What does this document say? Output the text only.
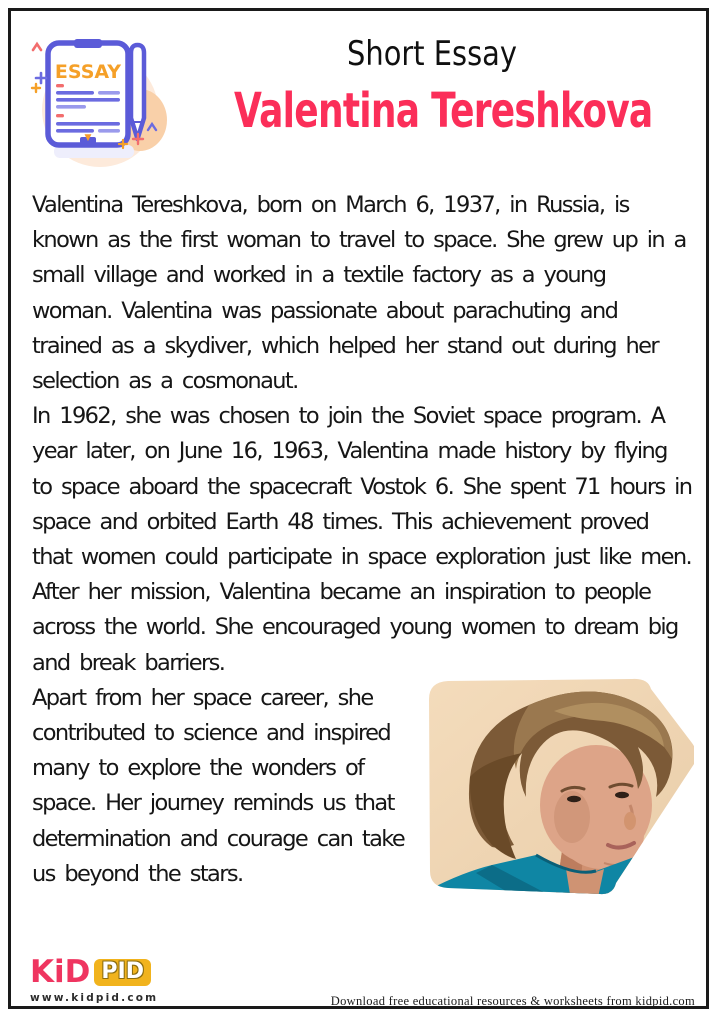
ESSAY
▼
Short Essay
Valentina Tereshkova

Valentina Tereshkova, born on March 6, 1937, in Russia, is known as the first woman to travel to space. She grew up in a small village and worked in a textile factory as a young woman. Valentina was passionate about parachuting and trained as a skydiver, which helped her stand out during her selection as a cosmonaut.

In 1962, she was chosen to join the Soviet space program. A year later, on June 16, 1963, Valentina made history by flying to space aboard the spacecraft Vostok 6. She spent 71 hours in space and orbited Earth 48 times. This achievement proved that women could participate in space exploration just like men.

After her mission, Valentina became an inspiration to people across the world. She encouraged young women to dream big and break barriers.

Apart from her space career, she contributed to science and inspired many to explore the wonders of space. Her journey reminds us that determination and courage can take us beyond the stars.

KiD PID
www.kidpid.com	Download free educational resources & worksheets from kidpid.com
